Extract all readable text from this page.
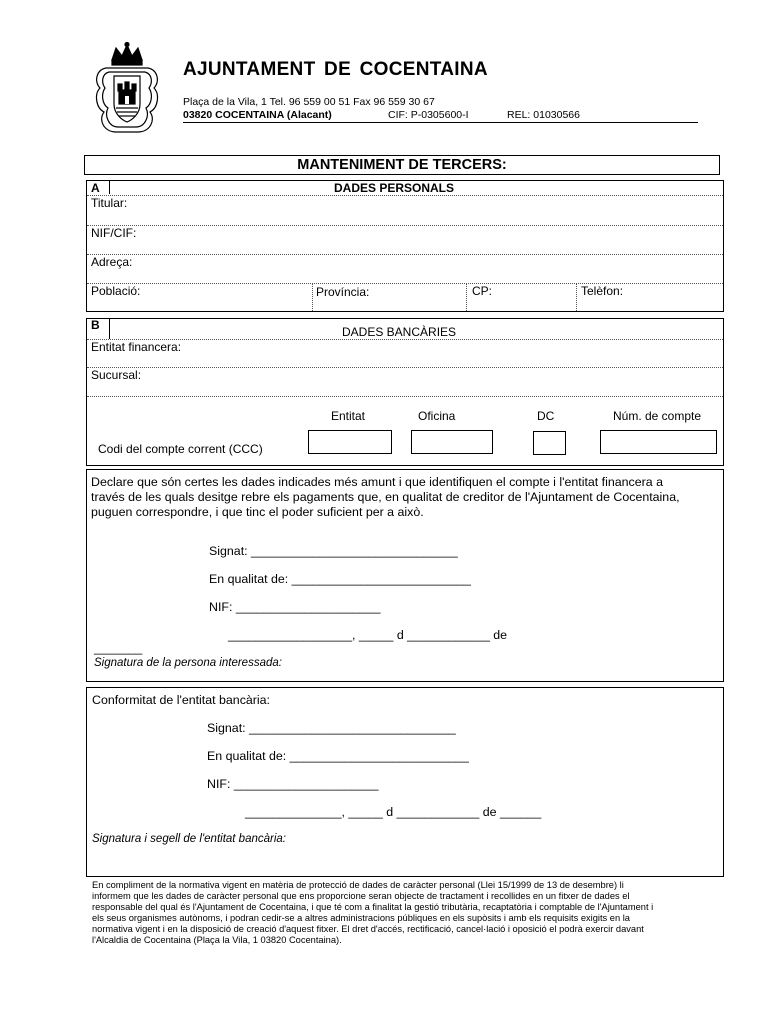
AJUNTAMENT DE COCENTAINA
Plaça de la Vila, 1 Tel. 96 559 00 51 Fax 96 559 30 67
03820 COCENTAINA (Alacant)	CIF: P-0305600-I	REL: 01030566
MANTENIMENT DE TERCERS:
A	DADES PERSONALS
Titular:
NIF/CIF:
Adreça:
Població:	Província:	CP:	Telèfon:
B	DADES BANCÀRIES
Entitat financera:
Sucursal:
Entitat	Oficina	DC	Núm. de compte
Codi del compte corrent (CCC)
Declare que són certes les dades indicades més amunt i que identifiquen el compte i l'entitat financera a
través de les quals desitge rebre els pagaments que, en qualitat de creditor de l'Ajuntament de Cocentaina,
puguen correspondre, i que tinc el poder suficient per a això.
Signat: ______________________________
En qualitat de: __________________________
NIF: _____________________
__________________, _____ d ____________ de
_______
Signatura de la persona interessada:
Conformitat de l'entitat bancària:
Signat: ______________________________
En qualitat de: __________________________
NIF: _____________________
______________, _____ d ____________ de ______
Signatura i segell de l'entitat bancària:
En compliment de la normativa vigent en matèria de protecció de dades de caràcter personal (Llei 15/1999 de 13 de desembre) li
informem que les dades de caràcter personal que ens proporcione seran objecte de tractament i recollides en un fitxer de dades el
responsable del qual és l'Ajuntament de Cocentaina, i que té com a finalitat la gestió tributària, recaptatòria i comptable de l'Ajuntament i
els seus organismes autònoms, i podran cedir-se a altres administracions públiques en els supòsits i amb els requisits exigits en la
normativa vigent i en la disposició de creació d'aquest fitxer. El dret d'accés, rectificació, cancel·lació i oposició el podrà exercir davant
l'Alcaldia de Cocentaina (Plaça la Vila, 1 03820 Cocentaina).
